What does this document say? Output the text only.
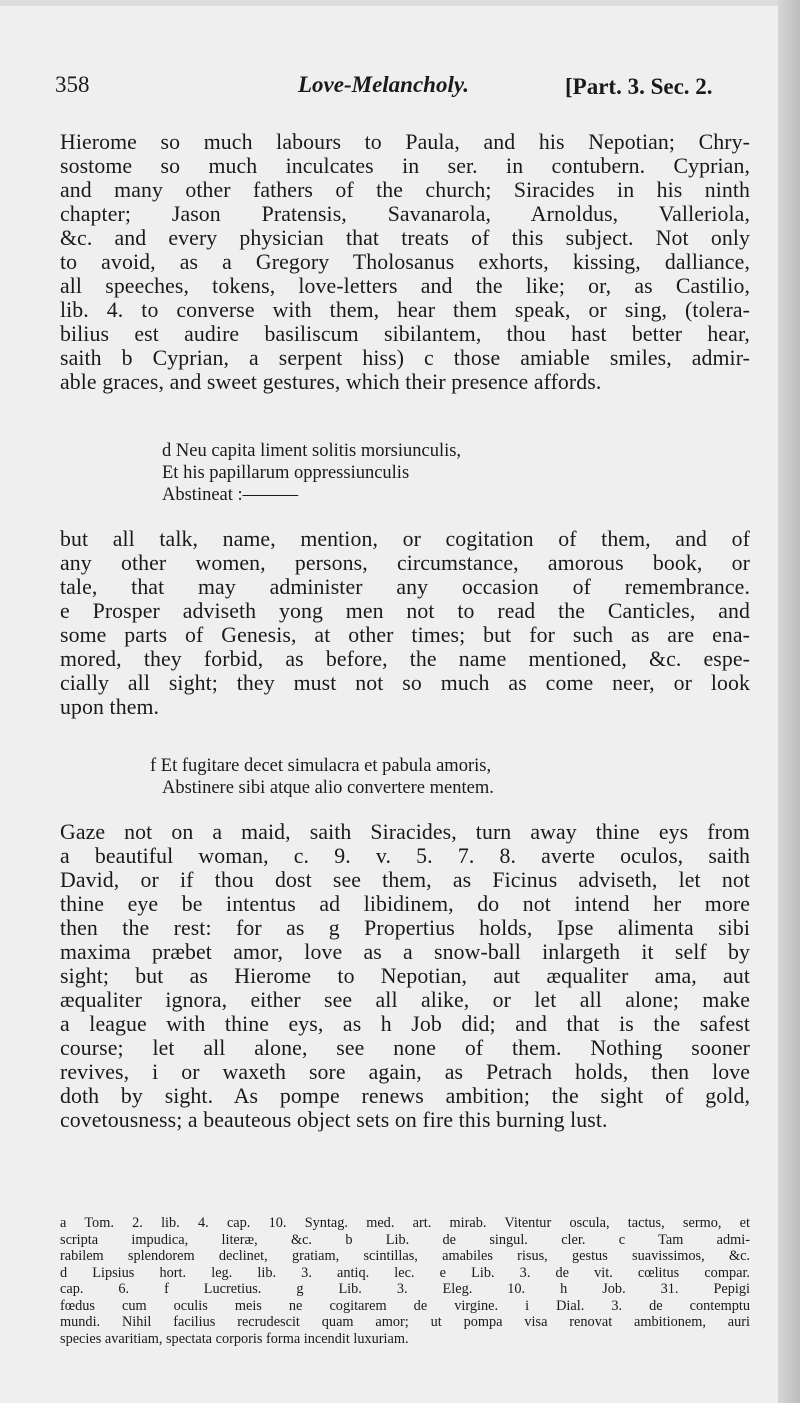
358	Love-Melancholy.	[Part. 3. Sec. 2.
Hierome so much labours to Paula, and his Nepotian; Chry-
sostome so much inculcates in ser. in contubern. Cyprian,
and many other fathers of the church; Siracides in his ninth
chapter; Jason Pratensis, Savanarola, Arnoldus, Valleriola,
&c. and every physician that treats of this subject. Not only
to avoid, as a Gregory Tholosanus exhorts, kissing, dalliance,
all speeches, tokens, love-letters and the like; or, as Castilio,
lib. 4. to converse with them, hear them speak, or sing, (tolera-
bilius est audire basiliscum sibilantem, thou hast better hear,
saith b Cyprian, a serpent hiss) c those amiable smiles, admir-
able graces, and sweet gestures, which their presence affords.
d Neu capita liment solitis morsiunculis,
Et his papillarum oppressiunculis
Abstineat :———
but all talk, name, mention, or cogitation of them, and of
any other women, persons, circumstance, amorous book, or
tale, that may administer any occasion of remembrance.
e Prosper adviseth yong men not to read the Canticles, and
some parts of Genesis, at other times; but for such as are ena-
mored, they forbid, as before, the name mentioned, &c. espe-
cially all sight; they must not so much as come neer, or look
upon them.
f Et fugitare decet simulacra et pabula amoris,
Abstinere sibi atque alio convertere mentem.
Gaze not on a maid, saith Siracides, turn away thine eys from
a beautiful woman, c. 9. v. 5. 7. 8. averte oculos, saith
David, or if thou dost see them, as Ficinus adviseth, let not
thine eye be intentus ad libidinem, do not intend her more
then the rest: for as g Propertius holds, Ipse alimenta sibi
maxima præbet amor, love as a snow-ball inlargeth it self by
sight; but as Hierome to Nepotian, aut æqualiter ama, aut
æqualiter ignora, either see all alike, or let all alone; make
a league with thine eys, as h Job did; and that is the safest
course; let all alone, see none of them. Nothing sooner
revives, i or waxeth sore again, as Petrach holds, then love
doth by sight. As pompe renews ambition; the sight of gold,
covetousness; a beauteous object sets on fire this burning lust.
a Tom. 2. lib. 4. cap. 10. Syntag. med. art. mirab. Vitentur oscula, tactus, sermo, et
scripta impudica, literæ, &c. b Lib. de singul. cler. c Tam admi-
rabilem splendorem declinet, gratiam, scintillas, amabiles risus, gestus suavissimos, &c.
d Lipsius hort. leg. lib. 3. antiq. lec. e Lib. 3. de vit. cœlitus compar.
cap. 6. f Lucretius. g Lib. 3. Eleg. 10. h Job. 31. Pepigi
fœdus cum oculis meis ne cogitarem de virgine. i Dial. 3. de contemptu
mundi. Nihil facilius recrudescit quam amor; ut pompa visa renovat ambitionem, auri
species avaritiam, spectata corporis forma incendit luxuriam.
